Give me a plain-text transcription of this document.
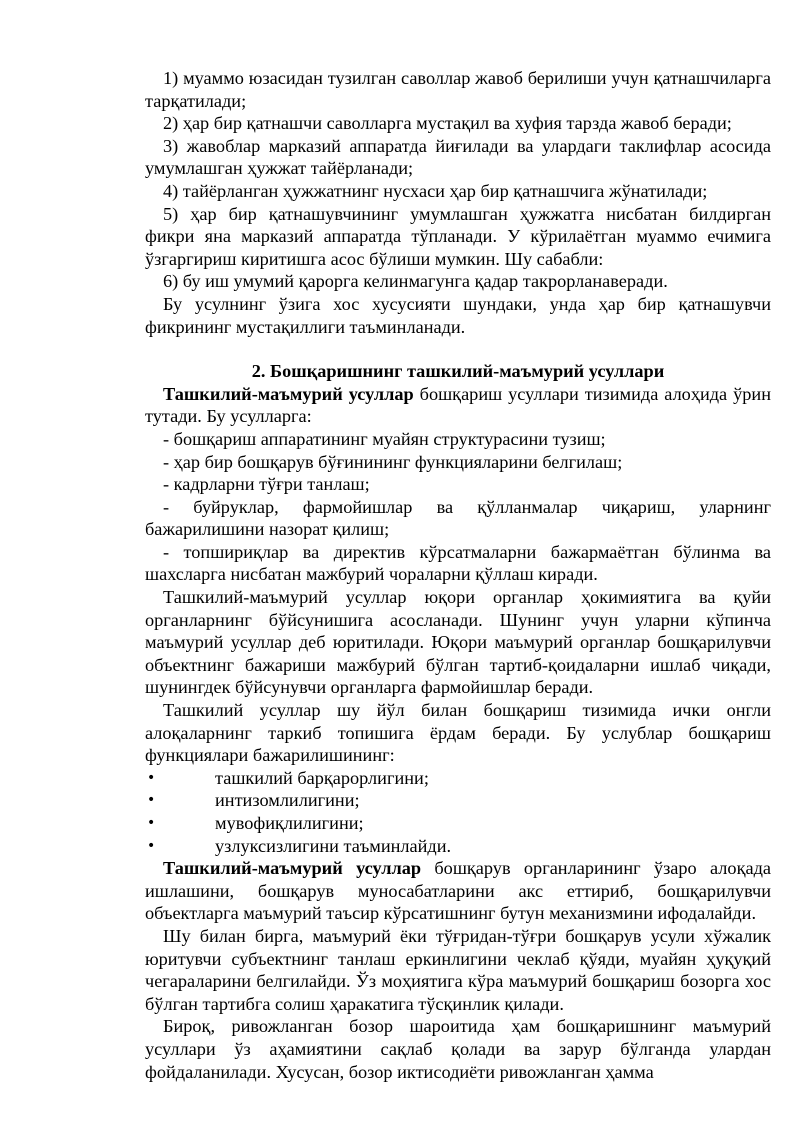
1) муаммо юзасидан тузилган саволлар жавоб берилиши учун қатнашчиларга тарқатилади;

2) ҳар бир қатнашчи саволларга мустақил ва хуфия тарзда жавоб беради;

3) жавоблар марказий аппаратда йиғилади ва улардаги таклифлар асосида умумлашган ҳужжат тайёрланади;

4) тайёрланган ҳужжатнинг нусхаси ҳар бир қатнашчига жўнатилади;

5) ҳар бир қатнашувчининг умумлашган ҳужжатга нисбатан билдирган фикри яна марказий аппаратда тўпланади. У кўрилаётган муаммо ечимига ўзгаргириш киритишга асос бўлиши мумкин. Шу сабабли:

6) бу иш умумий қарорга келинмагунга қадар такрорланаверади.

Бу усулнинг ўзига хос хусусияти шундаки, унда ҳар бир қатнашувчи фикрининг мустақиллиги таъминланади.

2. Бошқаришнинг ташкилий-маъмурий усуллари

Ташкилий-маъмурий усуллар бошқариш усуллари тизимида алоҳида ўрин тутади. Бу усулларга:

- бошқариш аппаратининг муайян структурасини тузиш;

- ҳар бир бошқарув бўғинининг функцияларини белгилаш;

- кадрларни тўғри танлаш;

- буйруклар, фармойишлар ва қўлланмалар чиқариш, уларнинг бажарилишини назорат қилиш;

- топшириқлар ва директив кўрсатмаларни бажармаётган бўлинма ва шахсларга нисбатан мажбурий чораларни қўллаш киради.

Ташкилий-маъмурий усуллар юқори органлар ҳокимиятига ва қуйи органларнинг бўйсунишига асосланади. Шунинг учун уларни кўпинча маъмурий усуллар деб юритилади. Юқори маъмурий органлар бошқарилувчи объектнинг бажариши мажбурий бўлган тартиб-қоидаларни ишлаб чиқади, шунингдек бўйсунувчи органларга фармойишлар беради.

Ташкилий усуллар шу йўл билан бошқариш тизимида ички онгли алоқаларнинг таркиб топишига ёрдам беради. Бу услублар бошқариш функциялари бажарилишининг:

•	ташкилий барқарорлигини;
•	интизомлилигини;
•	мувофиқлилигини;
•	узлуксизлигини таъминлайди.

Ташкилий-маъмурий усуллар бошқарув органларининг ўзаро алоқада ишлашини, бошқарув муносабатларини акс еттириб, бошқарилувчи объектларга маъмурий таъсир кўрсатишнинг бутун механизмини ифодалайди.

Шу билан бирга, маъмурий ёки тўғридан-тўғри бошқарув усули хўжалик юритувчи субъектнинг танлаш еркинлигини чеклаб қўяди, муайян ҳуқуқий чегараларини белгилайди. Ўз моҳиятига кўра маъмурий бошқариш бозорга хос бўлган тартибга солиш ҳаракатига тўсқинлик қилади.

Бироқ, ривожланган бозор шароитида ҳам бошқаришнинг маъмурий усуллари ўз аҳамиятини сақлаб қолади ва зарур бўлганда улардан фойдаланилади. Хусусан, бозор иктисодиёти ривожланган ҳамма
